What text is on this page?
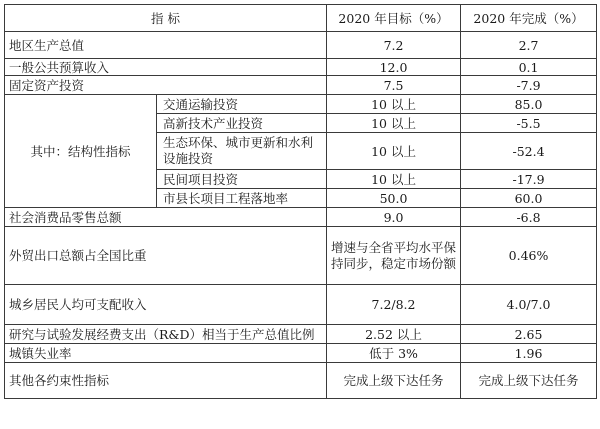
指 标		2020 年目标（%）	2020 年完成（%）
地区生产总值		7.2	2.7
一般公共预算收入		12.0	0.1
固定资产投资		7.5	-7.9
其中：结构性指标	交通运输投资	10 以上	85.0
	高新技术产业投资	10 以上	-5.5
	生态环保、城市更新和水利设施投资	10 以上	-52.4
	民间项目投资	10 以上	-17.9
	市县长项目工程落地率	50.0	60.0
社会消费品零售总额		9.0	-6.8
外贸出口总额占全国比重		增速与全省平均水平保持同步，稳定市场份额	0.46%
城乡居民人均可支配收入		7.2/8.2	4.0/7.0
研究与试验发展经费支出（R&D）相当于生产总值比例		2.52 以上	2.65
城镇失业率		低于 3%	1.96
其他各约束性指标		完成上级下达任务	完成上级下达任务
